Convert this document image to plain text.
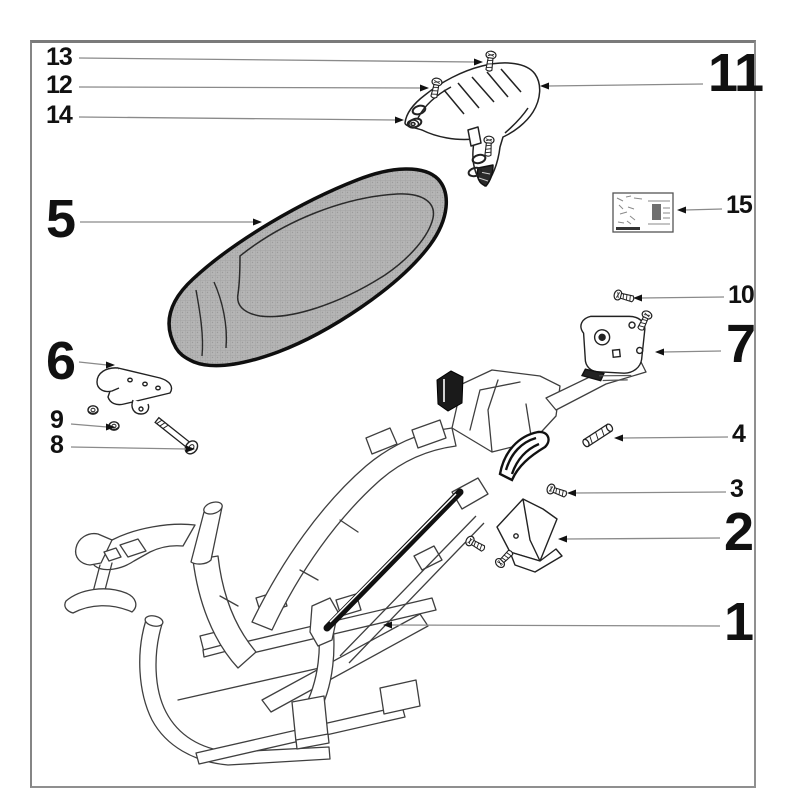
13
12
14
11
5	15
10
7
6
9
8	4
3
2
1
